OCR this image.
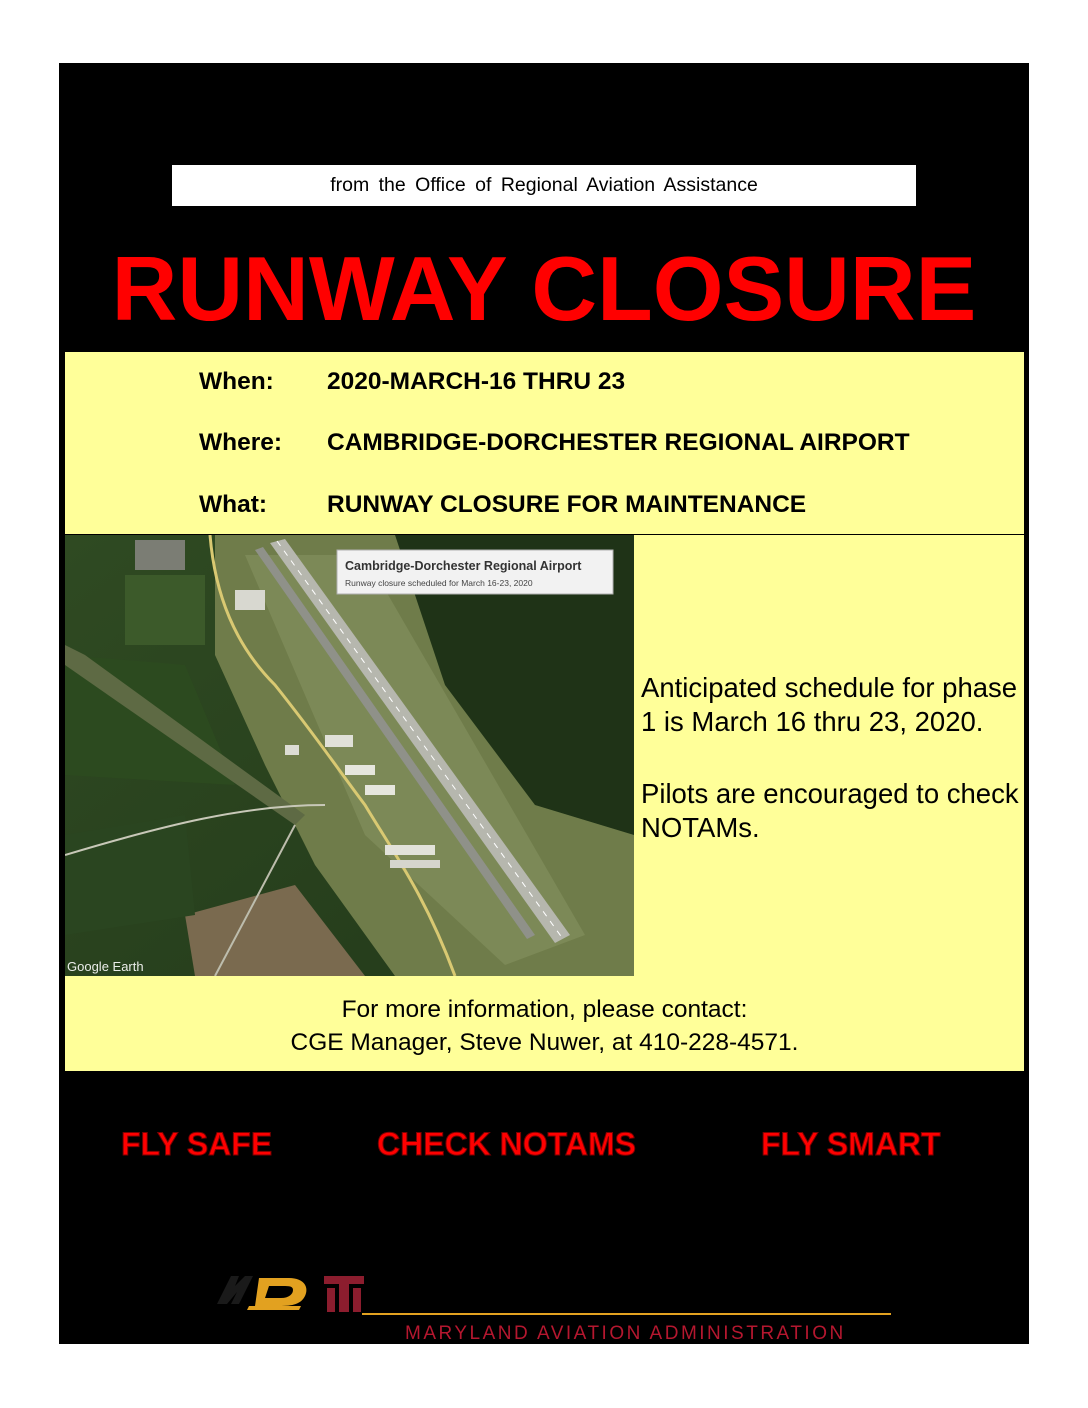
from the Office of Regional Aviation Assistance
RUNWAY CLOSURE
When: 2020-MARCH-16 THRU 23
Where: CAMBRIDGE-DORCHESTER REGIONAL AIRPORT
What: RUNWAY CLOSURE FOR MAINTENANCE
Cambridge-Dorchester Regional Airport
Runway closure scheduled for March 16-23, 2020
Google Earth

Anticipated schedule for phase 1 is March 16 thru 23, 2020.

Pilots are encouraged to check NOTAMs.

For more information, please contact:
CGE Manager, Steve Nuwer, at 410-228-4571.
FLY SAFE	CHECK NOTAMS	FLY SMART
MARYLAND DEPARTMENT OF TRANSPORTATION
MARYLAND AVIATION ADMINISTRATION
